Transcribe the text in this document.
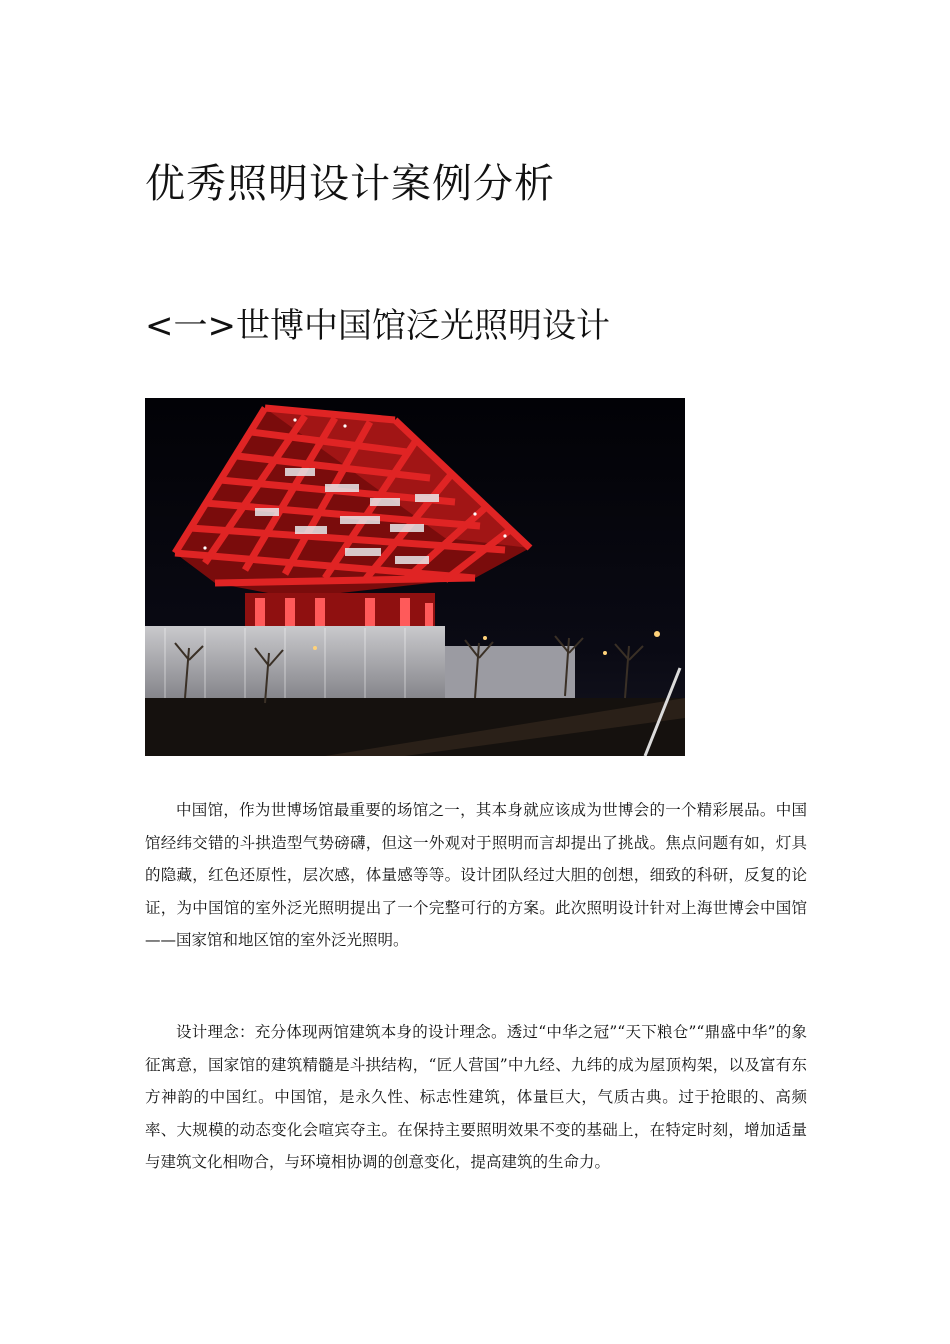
优秀照明设计案例分析
<一>世博中国馆泛光照明设计

中国馆，作为世博场馆最重要的场馆之一，其本身就应该成为世博会的一个精彩展品。中国馆经纬交错的斗拱造型气势磅礴，但这一外观对于照明而言却提出了挑战。焦点问题有如，灯具的隐藏，红色还原性，层次感，体量感等等。设计团队经过大胆的创想，细致的科研，反复的论证，为中国馆的室外泛光照明提出了一个完整可行的方案。此次照明设计针对上海世博会中国馆——国家馆和地区馆的室外泛光照明。

设计理念：充分体现两馆建筑本身的设计理念。透过“中华之冠”“天下粮仓”“鼎盛中华”的象征寓意，国家馆的建筑精髓是斗拱结构，“匠人营国”中九经、九纬的成为屋顶构架，以及富有东方神韵的中国红。中国馆，是永久性、标志性建筑，体量巨大，气质古典。过于抢眼的、高频率、大规模的动态变化会喧宾夺主。在保持主要照明效果不变的基础上，在特定时刻，增加适量与建筑文化相吻合，与环境相协调的创意变化，提高建筑的生命力。
